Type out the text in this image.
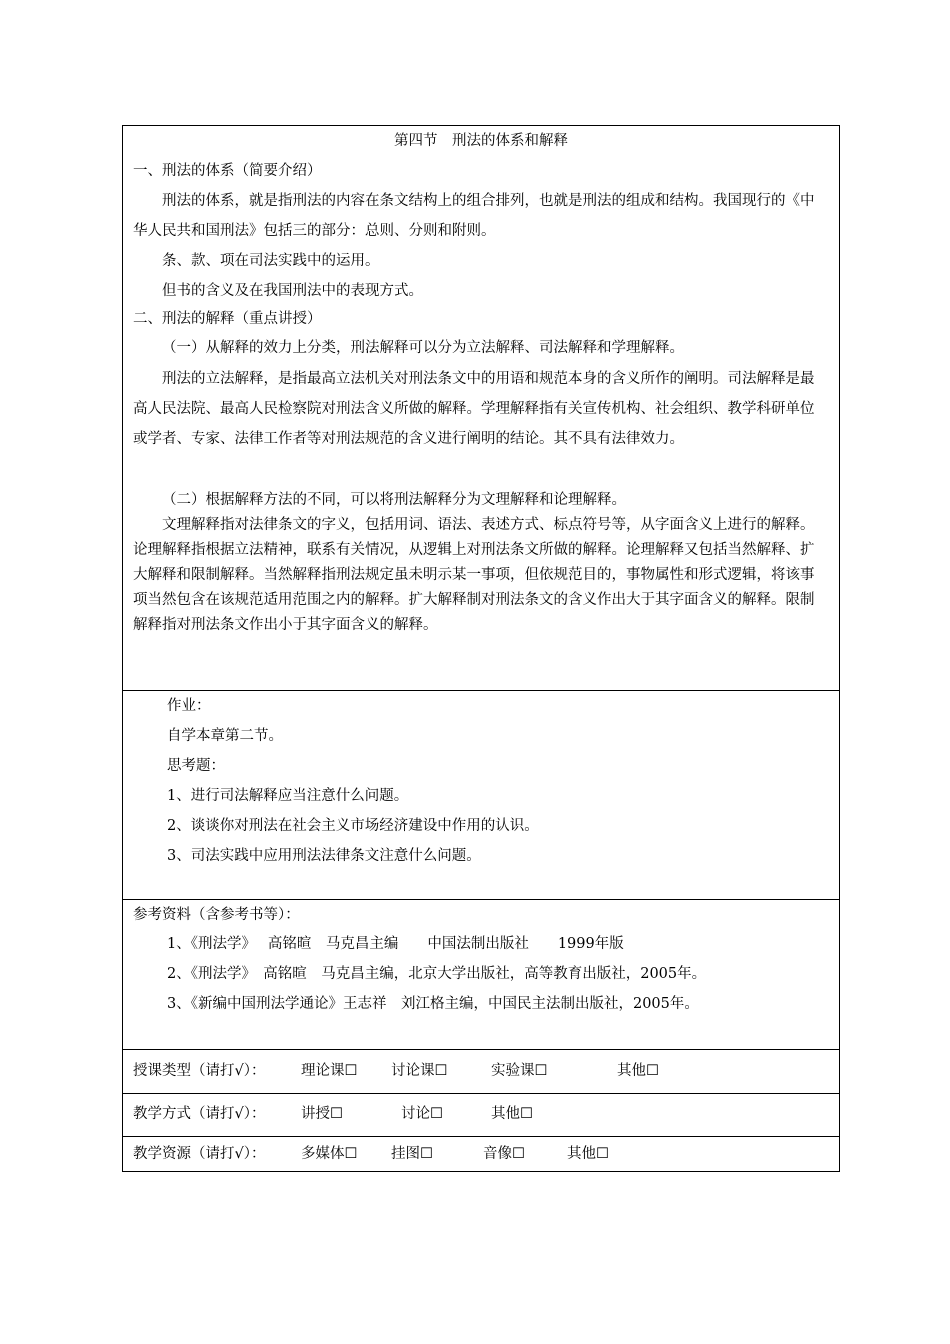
第四节　刑法的体系和解释
一、刑法的体系（简要介绍）
刑法的体系，就是指刑法的内容在条文结构上的组合排列，也就是刑法的组成和结构。我国现行的《中华人民共和国刑法》包括三的部分：总则、分则和附则。
条、款、项在司法实践中的运用。
但书的含义及在我国刑法中的表现方式。
二、刑法的解释（重点讲授）
（一）从解释的效力上分类，刑法解释可以分为立法解释、司法解释和学理解释。
刑法的立法解释，是指最高立法机关对刑法条文中的用语和规范本身的含义所作的阐明。司法解释是最高人民法院、最高人民检察院对刑法含义所做的解释。学理解释指有关宣传机构、社会组织、教学科研单位或学者、专家、法律工作者等对刑法规范的含义进行阐明的结论。其不具有法律效力。
（二）根据解释方法的不同，可以将刑法解释分为文理解释和论理解释。
文理解释指对法律条文的字义，包括用词、语法、表述方式、标点符号等，从字面含义上进行的解释。论理解释指根据立法精神，联系有关情况，从逻辑上对刑法条文所做的解释。论理解释又包括当然解释、扩大解释和限制解释。当然解释指刑法规定虽未明示某一事项，但依规范目的，事物属性和形式逻辑，将该事项当然包含在该规范适用范围之内的解释。扩大解释制对刑法条文的含义作出大于其字面含义的解释。限制解释指对刑法条文作出小于其字面含义的解释。
作业：
自学本章第二节。
思考题：
1、进行司法解释应当注意什么问题。
2、谈谈你对刑法在社会主义市场经济建设中作用的认识。
3、司法实践中应用刑法法律条文注意什么问题。
参考资料（含参考书等）：
1、《刑法学》　 高铭暄　马克昌主编　　中国法制出版社　　1999年版
2、《刑法学》　高铭暄　马克昌主编，北京大学出版社，高等教育出版社，2005年。
3、《新编中国刑法学通论》王志祥　刘江格主编，中国民主法制出版社，2005年。
授课类型（请打√）： 理论课☐ 讨论课☐	实验课☐	其他☐
教学方式（请打√）： 讲授☐	讨论☐	其他☐
教学资源（请打√）： 多媒体☐ 挂图☐	音像☐	其他☐
